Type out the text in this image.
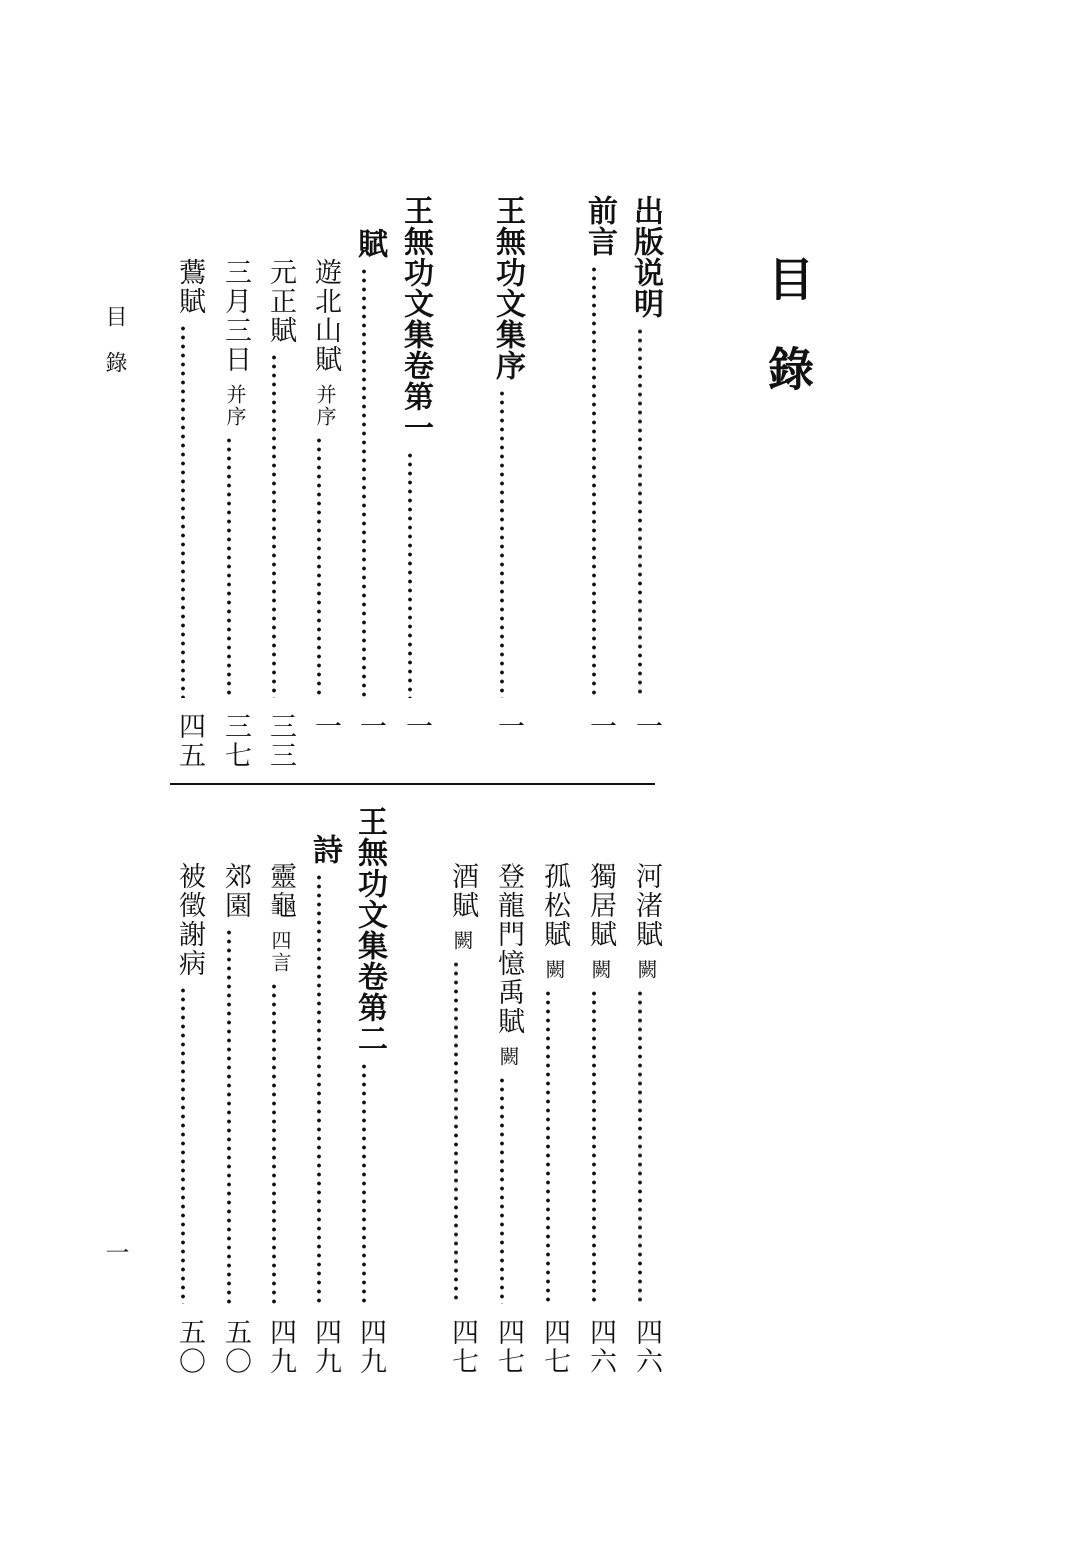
目錄
目錄
一
出版说明
一
前言
一
王無功文集序
一
王無功文集卷第一
一
賦
一
遊北山賦并序
一
元正賦
三三
三月三日并序
三七
鷰賦
四五
河渚賦闕
四六
獨居賦闕
四六
孤松賦闕
四七
登龍門憶禹賦闕
四七
酒賦闕
四七
王無功文集卷第二
四九
詩
四九
靈龜四言
四九
郊園
五〇
被徵謝病
五〇
